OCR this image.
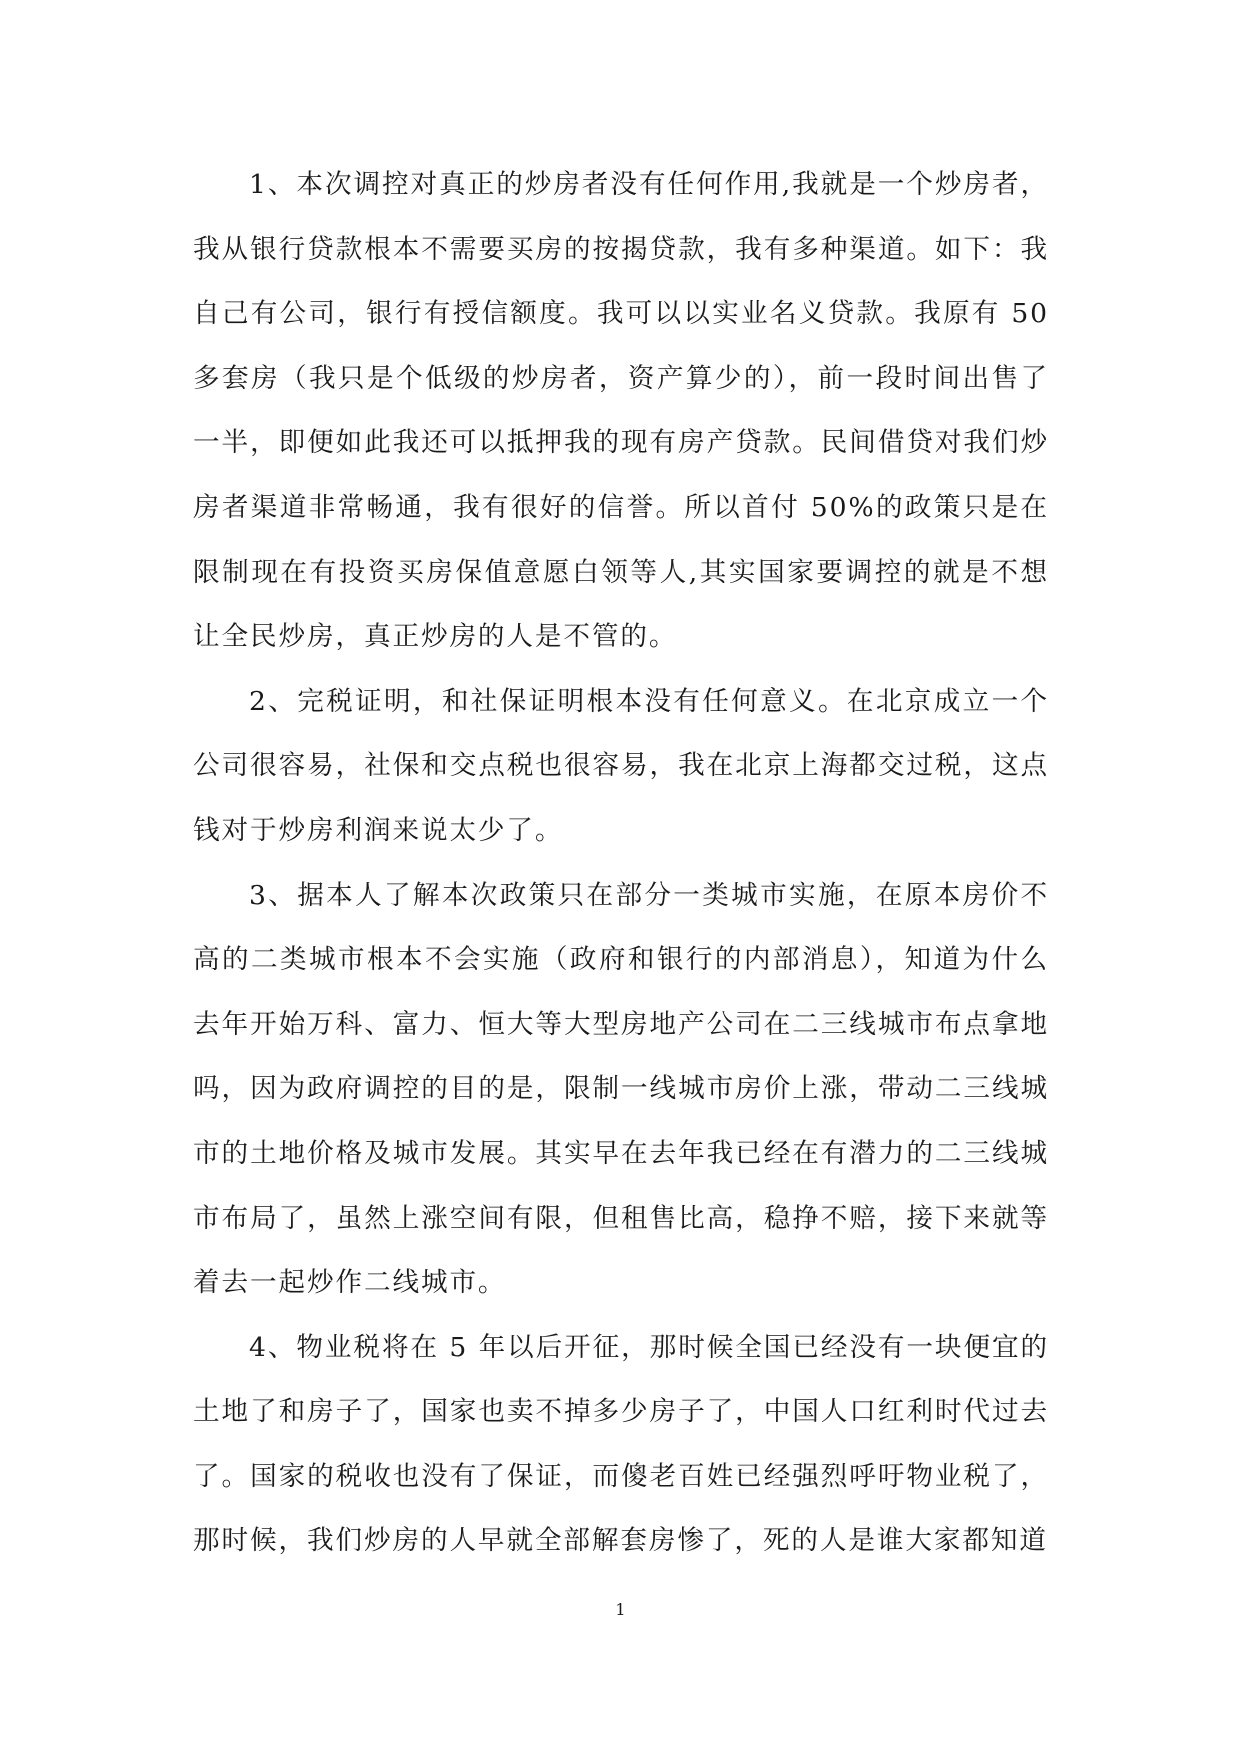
1、本次调控对真正的炒房者没有任何作用,我就是一个炒房者，我从银行贷款根本不需要买房的按揭贷款，我有多种渠道。如下：我自己有公司，银行有授信额度。我可以以实业名义贷款。我原有 50 多套房（我只是个低级的炒房者，资产算少的），前一段时间出售了一半，即便如此我还可以抵押我的现有房产贷款。民间借贷对我们炒房者渠道非常畅通，我有很好的信誉。所以首付 50%的政策只是在限制现在有投资买房保值意愿白领等人,其实国家要调控的就是不想让全民炒房，真正炒房的人是不管的。

2、完税证明，和社保证明根本没有任何意义。在北京成立一个公司很容易，社保和交点税也很容易，我在北京上海都交过税，这点钱对于炒房利润来说太少了。

3、据本人了解本次政策只在部分一类城市实施，在原本房价不高的二类城市根本不会实施（政府和银行的内部消息），知道为什么去年开始万科、富力、恒大等大型房地产公司在二三线城市布点拿地吗，因为政府调控的目的是，限制一线城市房价上涨，带动二三线城市的土地价格及城市发展。其实早在去年我已经在有潜力的二三线城市布局了，虽然上涨空间有限，但租售比高，稳挣不赔，接下来就等着去一起炒作二线城市。

4、物业税将在 5 年以后开征，那时候全国已经没有一块便宜的土地了和房子了，国家也卖不掉多少房子了，中国人口红利时代过去了。国家的税收也没有了保证，而傻老百姓已经强烈呼吁物业税了，那时候，我们炒房的人早就全部解套房惨了，死的人是谁大家都知道

1
